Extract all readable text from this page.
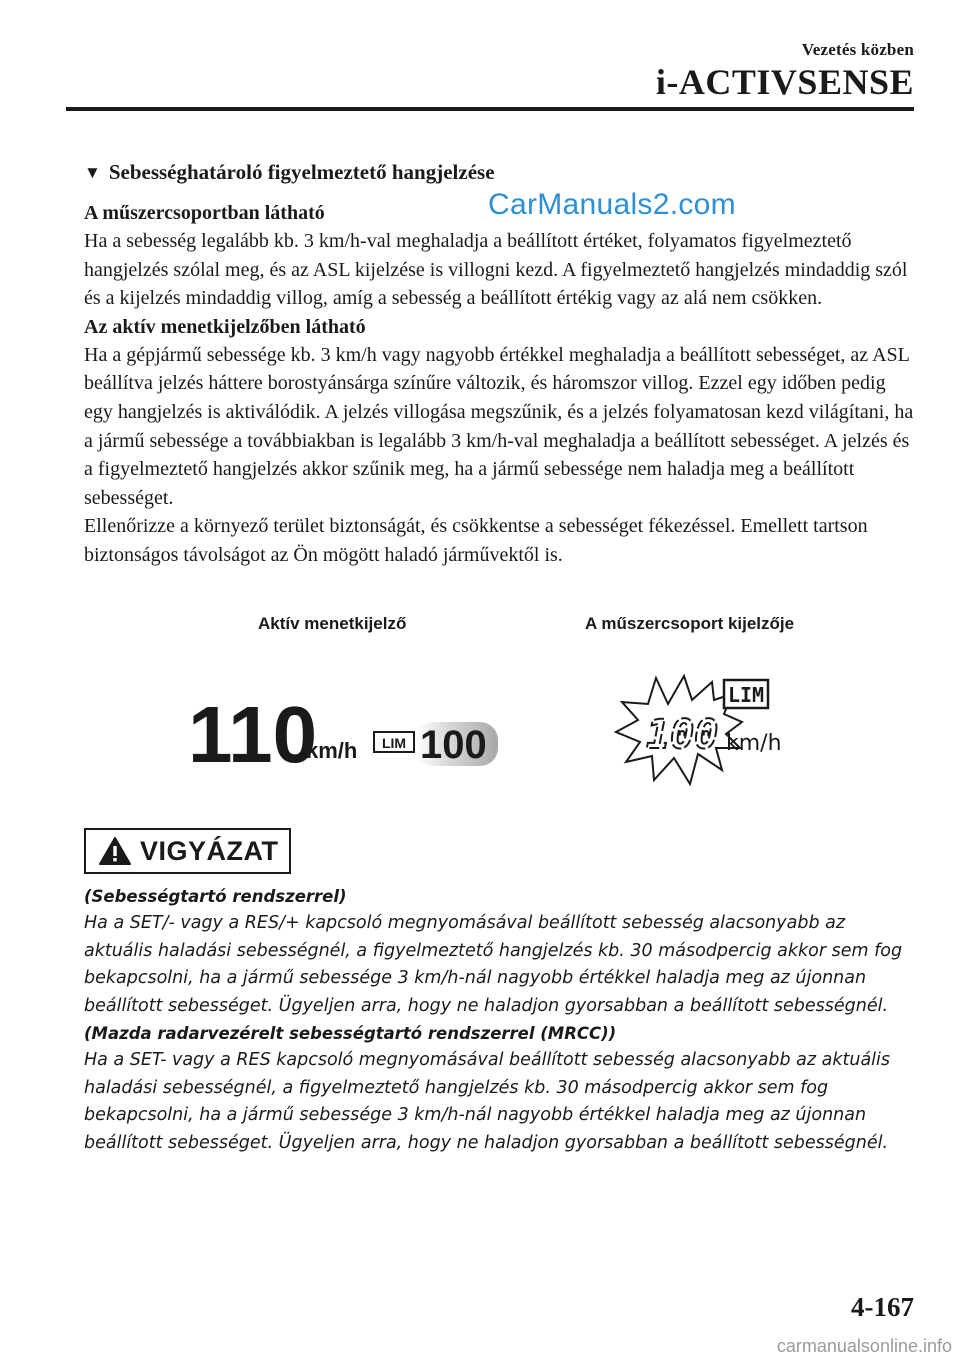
Vezetés közben
i-ACTIVSENSE
CarManuals2.com
▼ Sebességhatároló figyelmeztető hangjelzése
A műszercsoportban látható
Ha a sebesség legalább kb. 3 km/h-val meghaladja a beállított értéket, folyamatos figyelmeztető hangjelzés szólal meg, és az ASL kijelzése is villogni kezd. A figyelmeztető hangjelzés mindaddig szól és a kijelzés mindaddig villog, amíg a sebesség a beállított értékig vagy az alá nem csökken.
Az aktív menetkijelzőben látható
Ha a gépjármű sebessége kb. 3 km/h vagy nagyobb értékkel meghaladja a beállított sebességet, az ASL beállítva jelzés háttere borostyánsárga színűre változik, és háromszor villog. Ezzel egy időben pedig egy hangjelzés is aktiválódik. A jelzés villogása megszűnik, és a jelzés folyamatosan kezd világítani, ha a jármű sebessége a továbbiakban is legalább 3 km/h-val meghaladja a beállított sebességet. A jelzés és a figyelmeztető hangjelzés akkor szűnik meg, ha a jármű sebessége nem haladja meg a beállított sebességet.
Ellenőrizze a környező terület biztonságát, és csökkentse a sebességet fékezéssel. Emellett tartson biztonságos távolságot az Ön mögött haladó járművektől is.
Aktív menetkijelző	A műszercsoport kijelzője
110
km/h LIM 100
LIM
100 km/h
VIGYÁZAT
(Sebességtartó rendszerrel)
Ha a SET/- vagy a RES/+ kapcsoló megnyomásával beállított sebesség alacsonyabb az aktuális haladási sebességnél, a figyelmeztető hangjelzés kb. 30 másodpercig akkor sem fog bekapcsolni, ha a jármű sebessége 3 km/h-nál nagyobb értékkel haladja meg az újonnan beállított sebességet. Ügyeljen arra, hogy ne haladjon gyorsabban a beállított sebességnél.
(Mazda radarvezérelt sebességtartó rendszerrel (MRCC))
Ha a SET- vagy a RES kapcsoló megnyomásával beállított sebesség alacsonyabb az aktuális haladási sebességnél, a figyelmeztető hangjelzés kb. 30 másodpercig akkor sem fog bekapcsolni, ha a jármű sebessége 3 km/h-nál nagyobb értékkel haladja meg az újonnan beállított sebességet. Ügyeljen arra, hogy ne haladjon gyorsabban a beállított sebességnél.
4-167
carmanualsonline.info
